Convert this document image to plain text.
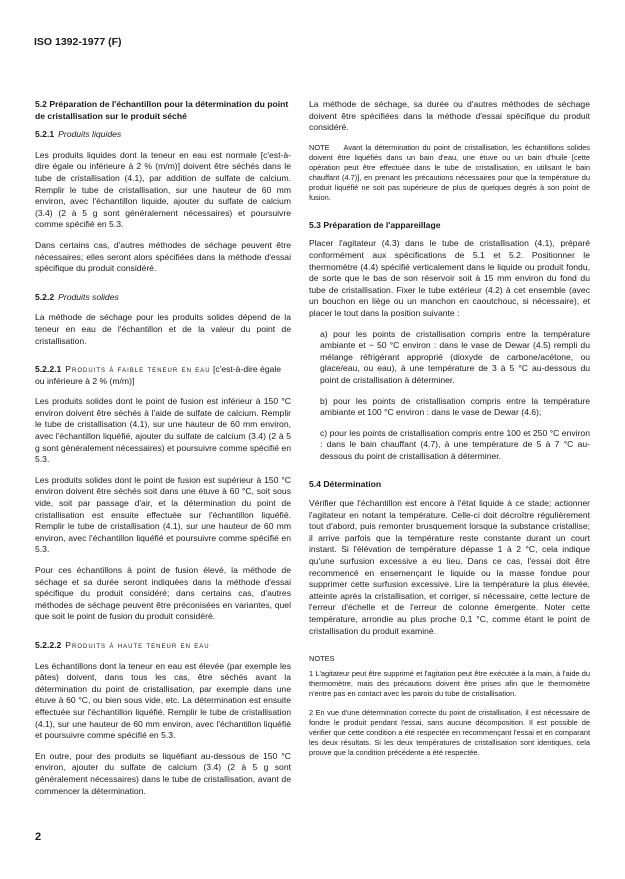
ISO 1392-1977 (F)

5.2 Préparation de l'échantillon pour la détermination du point de cristallisation sur le produit séché

5.2.1 Produits liquides

Les produits liquides dont la teneur en eau est normale [c'est-à-dire égale ou inférieure à 2 % (m/m)] doivent être séchés dans le tube de cristallisation (4.1), par addition de sulfate de calcium. Remplir le tube de cristallisation, sur une hauteur de 60 mm environ, avec l'échantillon liquide, ajouter du sulfate de calcium (3.4) (2 à 5 g sont généralement nécessaires) et poursuivre comme spécifié en 5.3.

Dans certains cas, d'autres méthodes de séchage peuvent être nécessaires; elles seront alors spécifiées dans la méthode d'essai spécifique du produit considéré.

5.2.2 Produits solides

La méthode de séchage pour les produits solides dépend de la teneur en eau de l'échantillon et de la valeur du point de cristallisation.

5.2.2.1 Produits à faible teneur en eau [c'est-à-dire égale ou inférieure à 2 % (m/m)]

Les produits solides dont le point de fusion est inférieur à 150 °C environ doivent être séchés à l'aide de sulfate de calcium. Remplir le tube de cristallisation (4.1), sur une hauteur de 60 mm environ, avec l'échantillon liquéfié, ajouter du sulfate de calcium (3.4) (2 à 5 g sont généralement nécessaires) et poursuivre comme spécifié en 5.3.

Les produits solides dont le point de fusion est supérieur à 150 °C environ doivent être séchés soit dans une étuve à 60 °C, soit sous vide, soit par passage d'air, et la détermination du point de cristallisation est ensuite effectuée sur l'échantillon liquéfié. Remplir le tube de cristallisation (4.1), sur une hauteur de 60 mm environ, avec l'échantillon liquéfié et poursuivre comme spécifié en 5.3.

Pour ces échantillons à point de fusion élevé, la méthode de séchage et sa durée seront indiquées dans la méthode d'essai spécifique du produit considéré; dans certains cas, d'autres méthodes de séchage peuvent être préconisées en variantes, quel que soit le point de fusion du produit considéré.

5.2.2.2 Produits à haute teneur en eau

Les échantillons dont la teneur en eau est élevée (par exemple les pâtes) doivent, dans tous les cas, être séchés avant la détermination du point de cristallisation, par exemple dans une étuve à 60 °C, ou bien sous vide, etc. La détermination est ensuite effectuée sur l'échantillon liquéfié. Remplir le tube de cristallisation (4.1), sur une hauteur de 60 mm environ, avec l'échantillon liquéfié et poursuivre comme spécifié en 5.3.

En outre, pour des produits se liquéfiant au-dessous de 150 °C environ, ajouter du sulfate de calcium (3.4) (2 à 5 g sont généralement nécessaires) dans le tube de cristallisation, avant de commencer la détermination.

2

La méthode de séchage, sa durée ou d'autres méthodes de séchage doivent être spécifiées dans la méthode d'essai spécifique du produit considéré.

NOTE Avant la détermination du point de cristallisation, les échantillons solides doivent être liquéfiés dans un bain d'eau, une étuve ou un bain d'huile [cette opération peut être effectuée dans le tube de cristallisation, en utilisant le bain chauffant (4.7)], en prenant les précautions nécessaires pour que la température du produit liquéfié ne soit pas supérieure de plus de quelques degrés à son point de fusion.

5.3 Préparation de l'appareillage

Placer l'agitateur (4.3) dans le tube de cristallisation (4.1), préparé conformément aux spécifications de 5.1 et 5.2. Positionner le thermomètre (4.4) spécifié verticalement dans le liquide ou produit fondu, de sorte que le bas de son réservoir soit à 15 mm environ du fond du tube de cristallisation. Fixer le tube extérieur (4.2) à cet ensemble (avec un bouchon en liège ou un manchon en caoutchouc, si nécessaire), et placer le tout dans la position suivante :

a) pour les points de cristallisation compris entre la température ambiante et − 50 °C environ : dans le vase de Dewar (4.5) rempli du mélange réfrigérant approprié (dioxyde de carbone/acétone, ou glace/eau, ou eau), à une température de 3 à 5 °C au-dessous du point de cristallisation à déterminer.

b) pour les points de cristallisation compris entre la température ambiante et 100 °C environ : dans le vase de Dewar (4.6);

c) pour les points de cristallisation compris entre 100 et 250 °C environ : dans le bain chauffant (4.7), à une température de 5 à 7 °C au-dessous du point de cristallisation à déterminer.

5.4 Détermination

Vérifier que l'échantillon est encore à l'état liquide à ce stade; actionner l'agitateur en notant la température. Celle-ci doit décroître régulièrement tout d'abord, puis remonter brusquement lorsque la substance cristallise; il arrive parfois que la température reste constante durant un court instant. Si l'élévation de température dépasse 1 à 2 °C, cela indique qu'une surfusion excessive a eu lieu. Dans ce cas, l'essai doit être recommencé en ensemençant le liquide ou la masse fondue pour supprimer cette surfusion excessive. Lire la température la plus élevée, atteinte après la cristallisation, et corriger, si nécessaire, cette lecture de l'erreur d'échelle et de l'erreur de colonne émergente. Noter cette température, arrondie au plus proche 0,1 °C, comme étant le point de cristallisation du produit examiné.

NOTES

1 L'agitateur peut être supprimé et l'agitation peut être exécutée à la main, à l'aide du thermomètre, mais des précautions doivent être prises afin que le thermomètre n'entre pas en contact avec les parois du tube de cristallisation.

2 En vue d'une détermination correcte du point de cristallisation, il est nécessaire de fondre le produit pendant l'essai, sans aucune décomposition. Il est possible de vérifier que cette condition a été respectée en recommençant l'essai et en comparant les deux résultats. Si les deux températures de cristallisation sont identiques, cela prouve que la condition précédente a été respectée.
